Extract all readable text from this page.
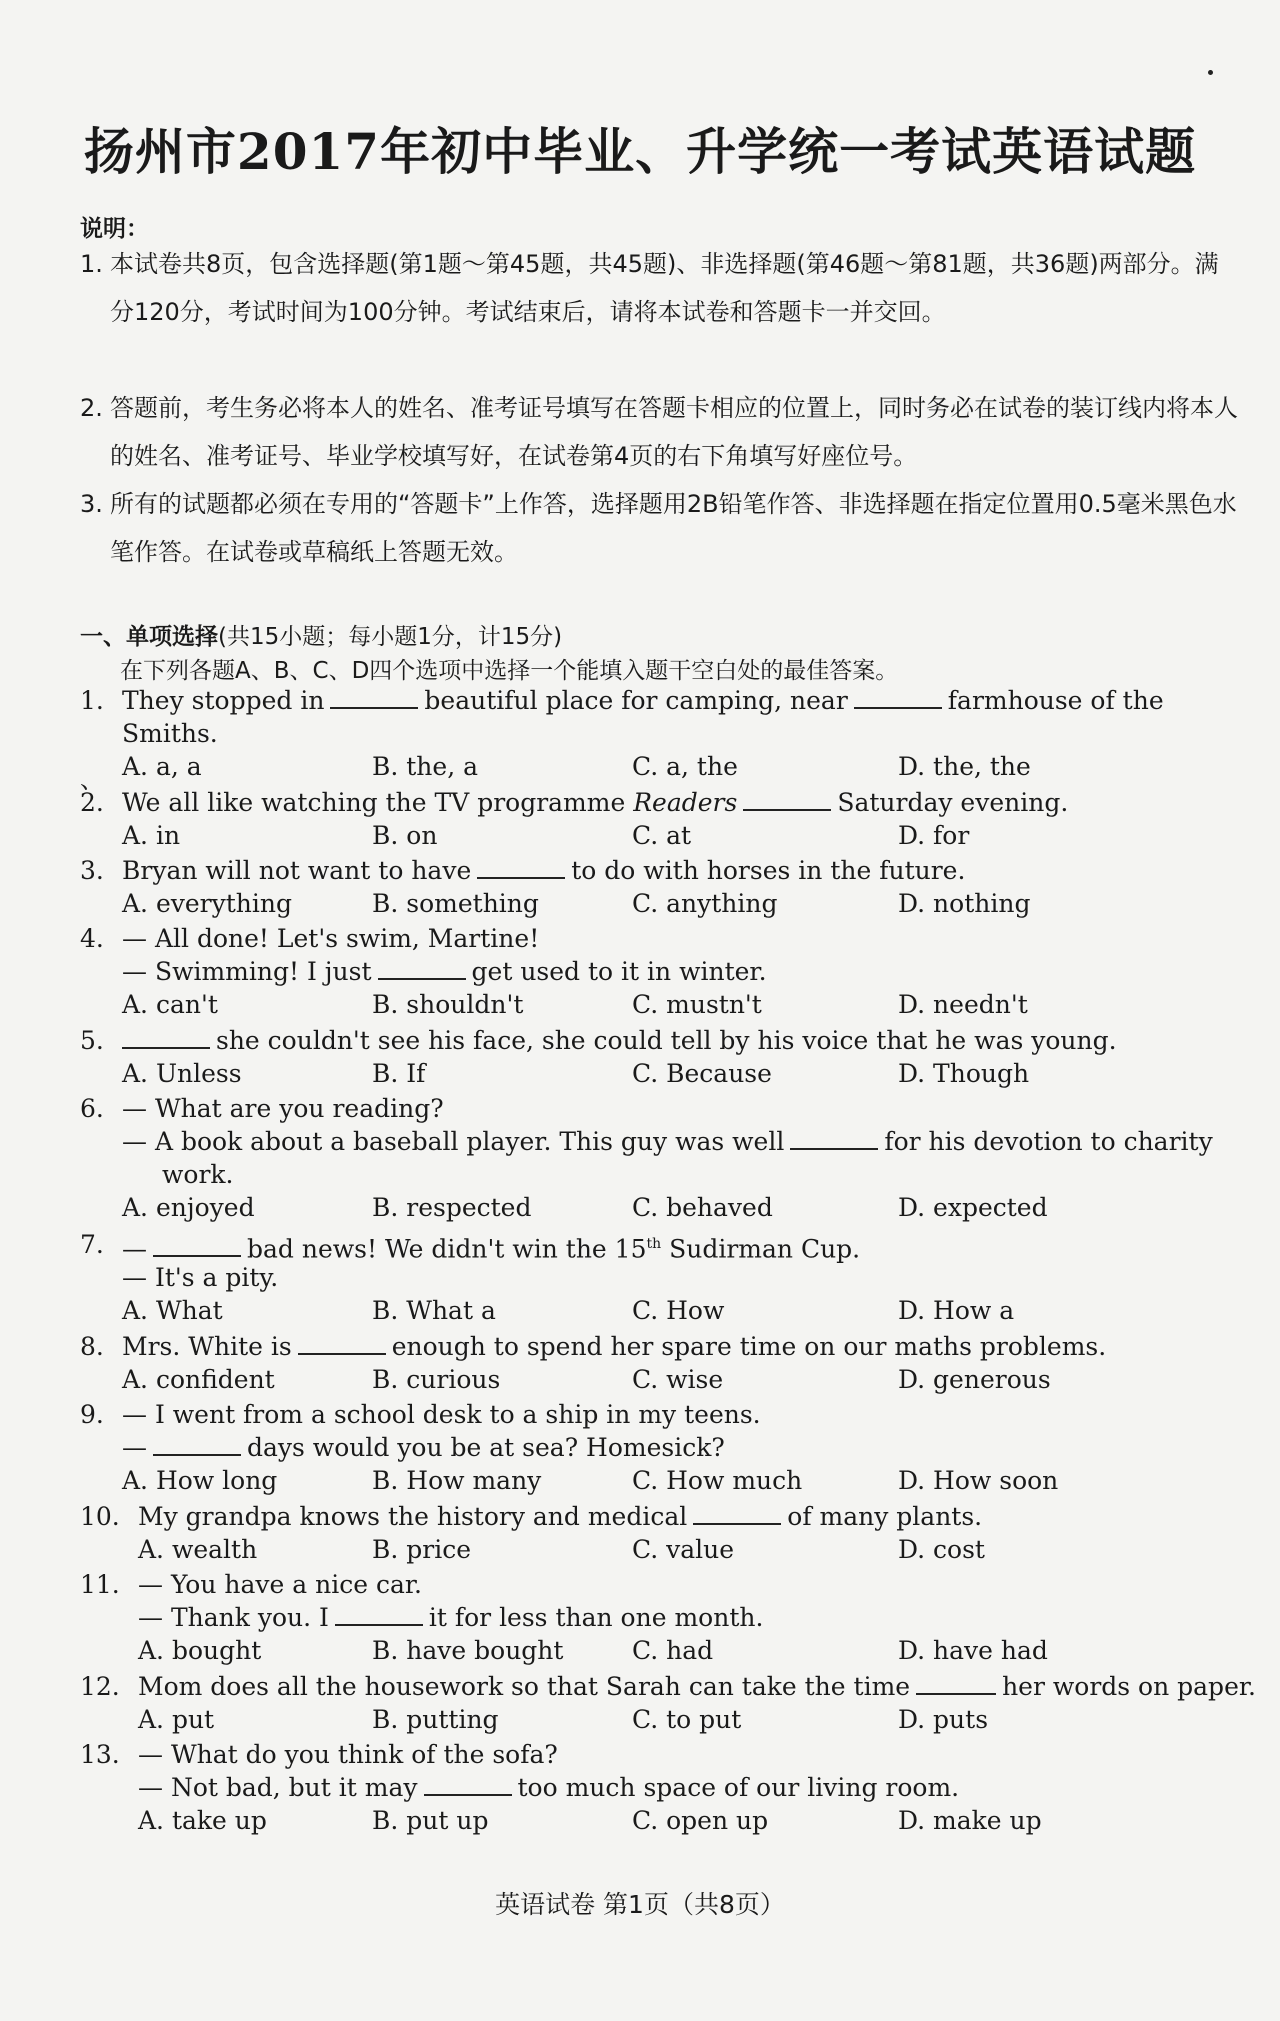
扬州市2017年初中毕业、升学统一考试英语试题
说明：
1. 本试卷共8页，包含选择题(第1题～第45题，共45题)、非选择题(第46题～第81题，共36题)两部分。满分120分，考试时间为100分钟。考试结束后，请将本试卷和答题卡一并交回。
2. 答题前，考生务必将本人的姓名、准考证号填写在答题卡相应的位置上，同时务必在试卷的装订线内将本人的姓名、准考证号、毕业学校填写好，在试卷第4页的右下角填写好座位号。
3. 所有的试题都必须在专用的“答题卡”上作答，选择题用2B铅笔作答、非选择题在指定位置用0.5毫米黑色水笔作答。在试卷或草稿纸上答题无效。
一、单项选择(共15小题；每小题1分，计15分)
在下列各题A、B、C、D四个选项中选择一个能填入题干空白处的最佳答案。
1. They stopped in	beautiful place for camping, near	farmhouse of the
Smiths.
A. a, a	B. the, a	C. a, the	D. the, the
、
2. We all like watching the TV programme Readers	Saturday evening.
A. in	B. on	C. at	D. for
3. Bryan will not want to have	to do with horses in the future.
A. everything	B. something	C. anything	D. nothing
4. — All done! Let's swim, Martine!
— Swimming! I just	get used to it in winter.
A. can't	B. shouldn't	C. mustn't	D. needn't
5.	she couldn't see his face, she could tell by his voice that he was young.
A. Unless	B. If	C. Because	D. Though
6. — What are you reading?
— A book about a baseball player. This guy was well	for his devotion to charity
work.
A. enjoyed	B. respected	C. behaved	D. expected
7. —	bad news! We didn't win the 15th Sudirman Cup.
— It's a pity.
A. What	B. What a	C. How	D. How a
8. Mrs. White is	enough to spend her spare time on our maths problems.
A. confident	B. curious	C. wise	D. generous
9. — I went from a school desk to a ship in my teens.
—	days would you be at sea? Homesick?
A. How long	B. How many	C. How much	D. How soon
10. My grandpa knows the history and medical	of many plants.
A. wealth	B. price	C. value	D. cost
11. — You have a nice car.
— Thank you. I	it for less than one month.
A. bought	B. have bought	C. had	D. have had
12. Mom does all the housework so that Sarah can take the time	her words on paper.
A. put	B. putting	C. to put	D. puts
13. — What do you think of the sofa?
— Not bad, but it may	too much space of our living room.
A. take up	B. put up	C. open up	D. make up
英语试卷 第1页（共8页）
